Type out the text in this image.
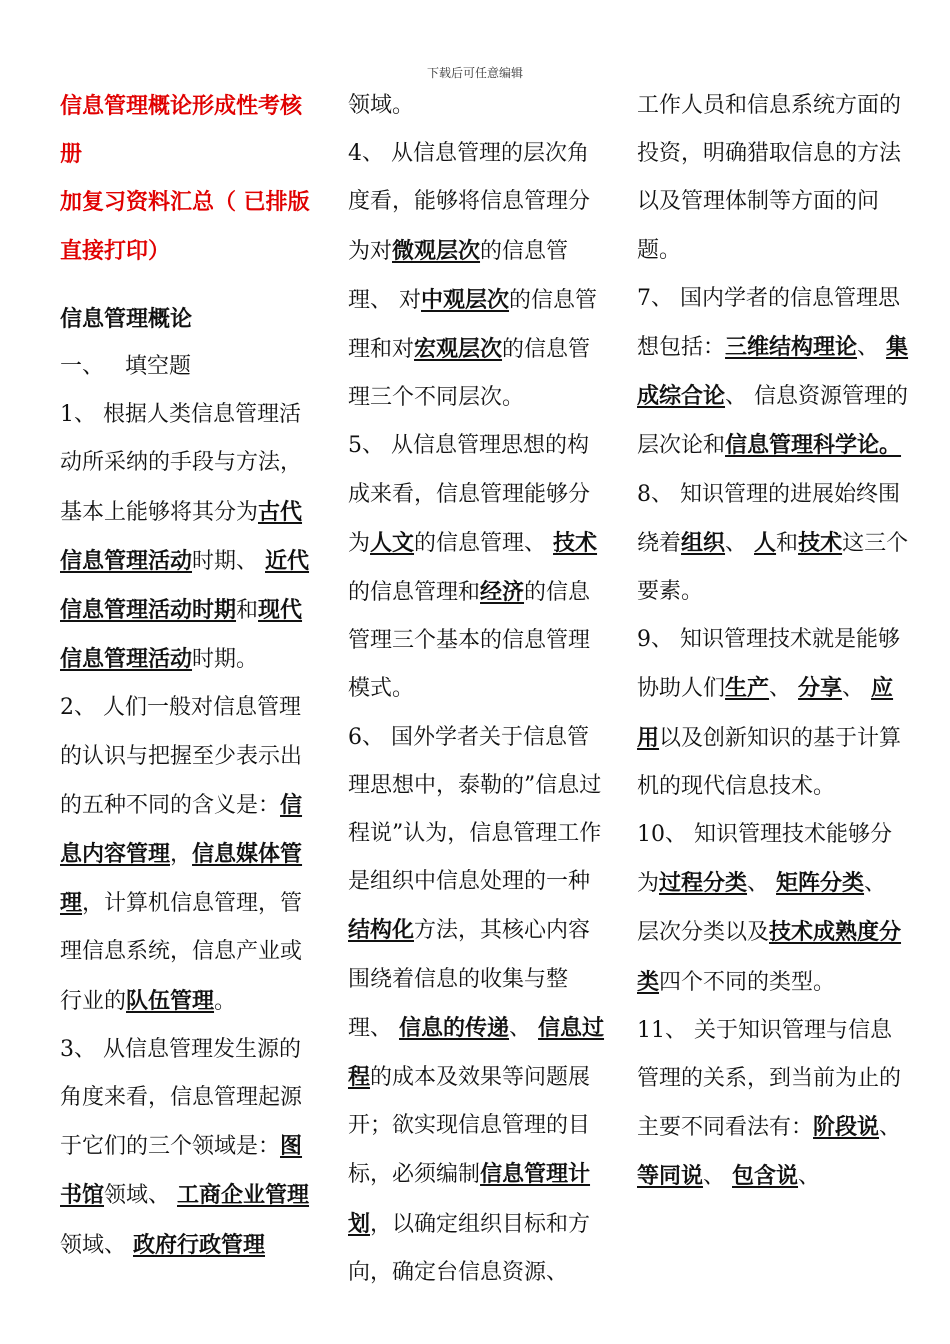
下载后可任意编辑

信息管理概论形成性考核册

加复习资料汇总（ 已排版直接打印）

信息管理概论

一、   填空题

1、 根据人类信息管理活动所采纳的手段与方法，基本上能够将其分为古代信息管理活动时期、 近代信息管理活动时期和现代信息管理活动时期。

2、 人们一般对信息管理的认识与把握至少表示出的五种不同的含义是：信息内容管理，信息媒体管理，计算机信息管理，管理信息系统，信息产业或行业的队伍管理。

3、 从信息管理发生源的角度来看，信息管理起源于它们的三个领域是：图书馆领域、 工商企业管理领域、 政府行政管理

领域。

4、 从信息管理的层次角度看，能够将信息管理分为对微观层次的信息管理、 对中观层次的信息管理和对宏观层次的信息管理三个不同层次。

5、 从信息管理思想的构成来看，信息管理能够分为人文的信息管理、 技术的信息管理和经济的信息管理三个基本的信息管理模式。

6、 国外学者关于信息管理思想中，泰勒的”信息过程说”认为，信息管理工作是组织中信息处理的一种结构化方法，其核心内容围绕着信息的收集与整理、 信息的传递、 信息过程的成本及效果等问题展开；欲实现信息管理的目标，必须编制信息管理计划，以确定组织目标和方向，确定台信息资源、

工作人员和信息系统方面的投资，明确猎取信息的方法以及管理体制等方面的问题。

7、 国内学者的信息管理思想包括：三维结构理论、 集成综合论、 信息资源管理的层次论和信息管理科学论。

8、 知识管理的进展始终围绕着组织、 人和技术这三个要素。

9、 知识管理技术就是能够协助人们生产、 分享、 应用以及创新知识的基于计算机的现代信息技术。

10、 知识管理技术能够分为过程分类、 矩阵分类、 层次分类以及技术成熟度分类四个不同的类型。

11、 关于知识管理与信息管理的关系，到当前为止的主要不同看法有：阶段说、 等同说、 包含说、
